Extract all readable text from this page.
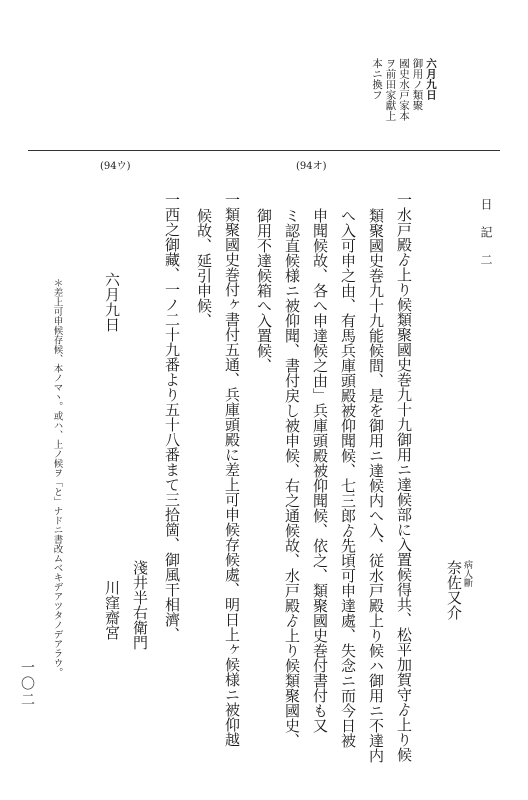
日 記 二
一〇二
六月九日
御用ノ類聚
國史水戸家本
ヲ前田家獻上
本ニ換フ
(94オ)
(94ウ)
病人斷
奈佐又介
一水戸殿ゟ上り候類聚國史巻九十九御用ニ達候部に入置候得共、松平加賀守ゟ上り候
類聚國史巻九十九能候間、是を御用ニ達候内へ入、従水戸殿上り候ハ御用ニ不達内
へ入可申之由、有馬兵庫頭殿被仰聞候、七三郎ゟ先頃可申達處、失念ニ而今日被
申聞候故、各へ申達候之由」兵庫頭殿被仰聞候、依之、類聚國史巻付書付も又
ミ認直候様ニ被仰聞、書付戻し被申候、右之通候故、水戸殿ゟ上り候類聚國史、
御用不達候箱へ入置候、
一類聚國史巻付ヶ書付五通、兵庫頭殿に差上可申候存候處、明日上ヶ候様ニ被仰越
候故、延引申候、
一西之御藏、一ノ二十九番より五十八番まて三拾箇、御風干相濟、
六月九日
淺井半右衛門
川窪齋宮
＊差上可申候存候、本ノマヽ。或ハ、上ノ候ヲ「と」ナドニ書改ムベキデアツタノデアラウ。
